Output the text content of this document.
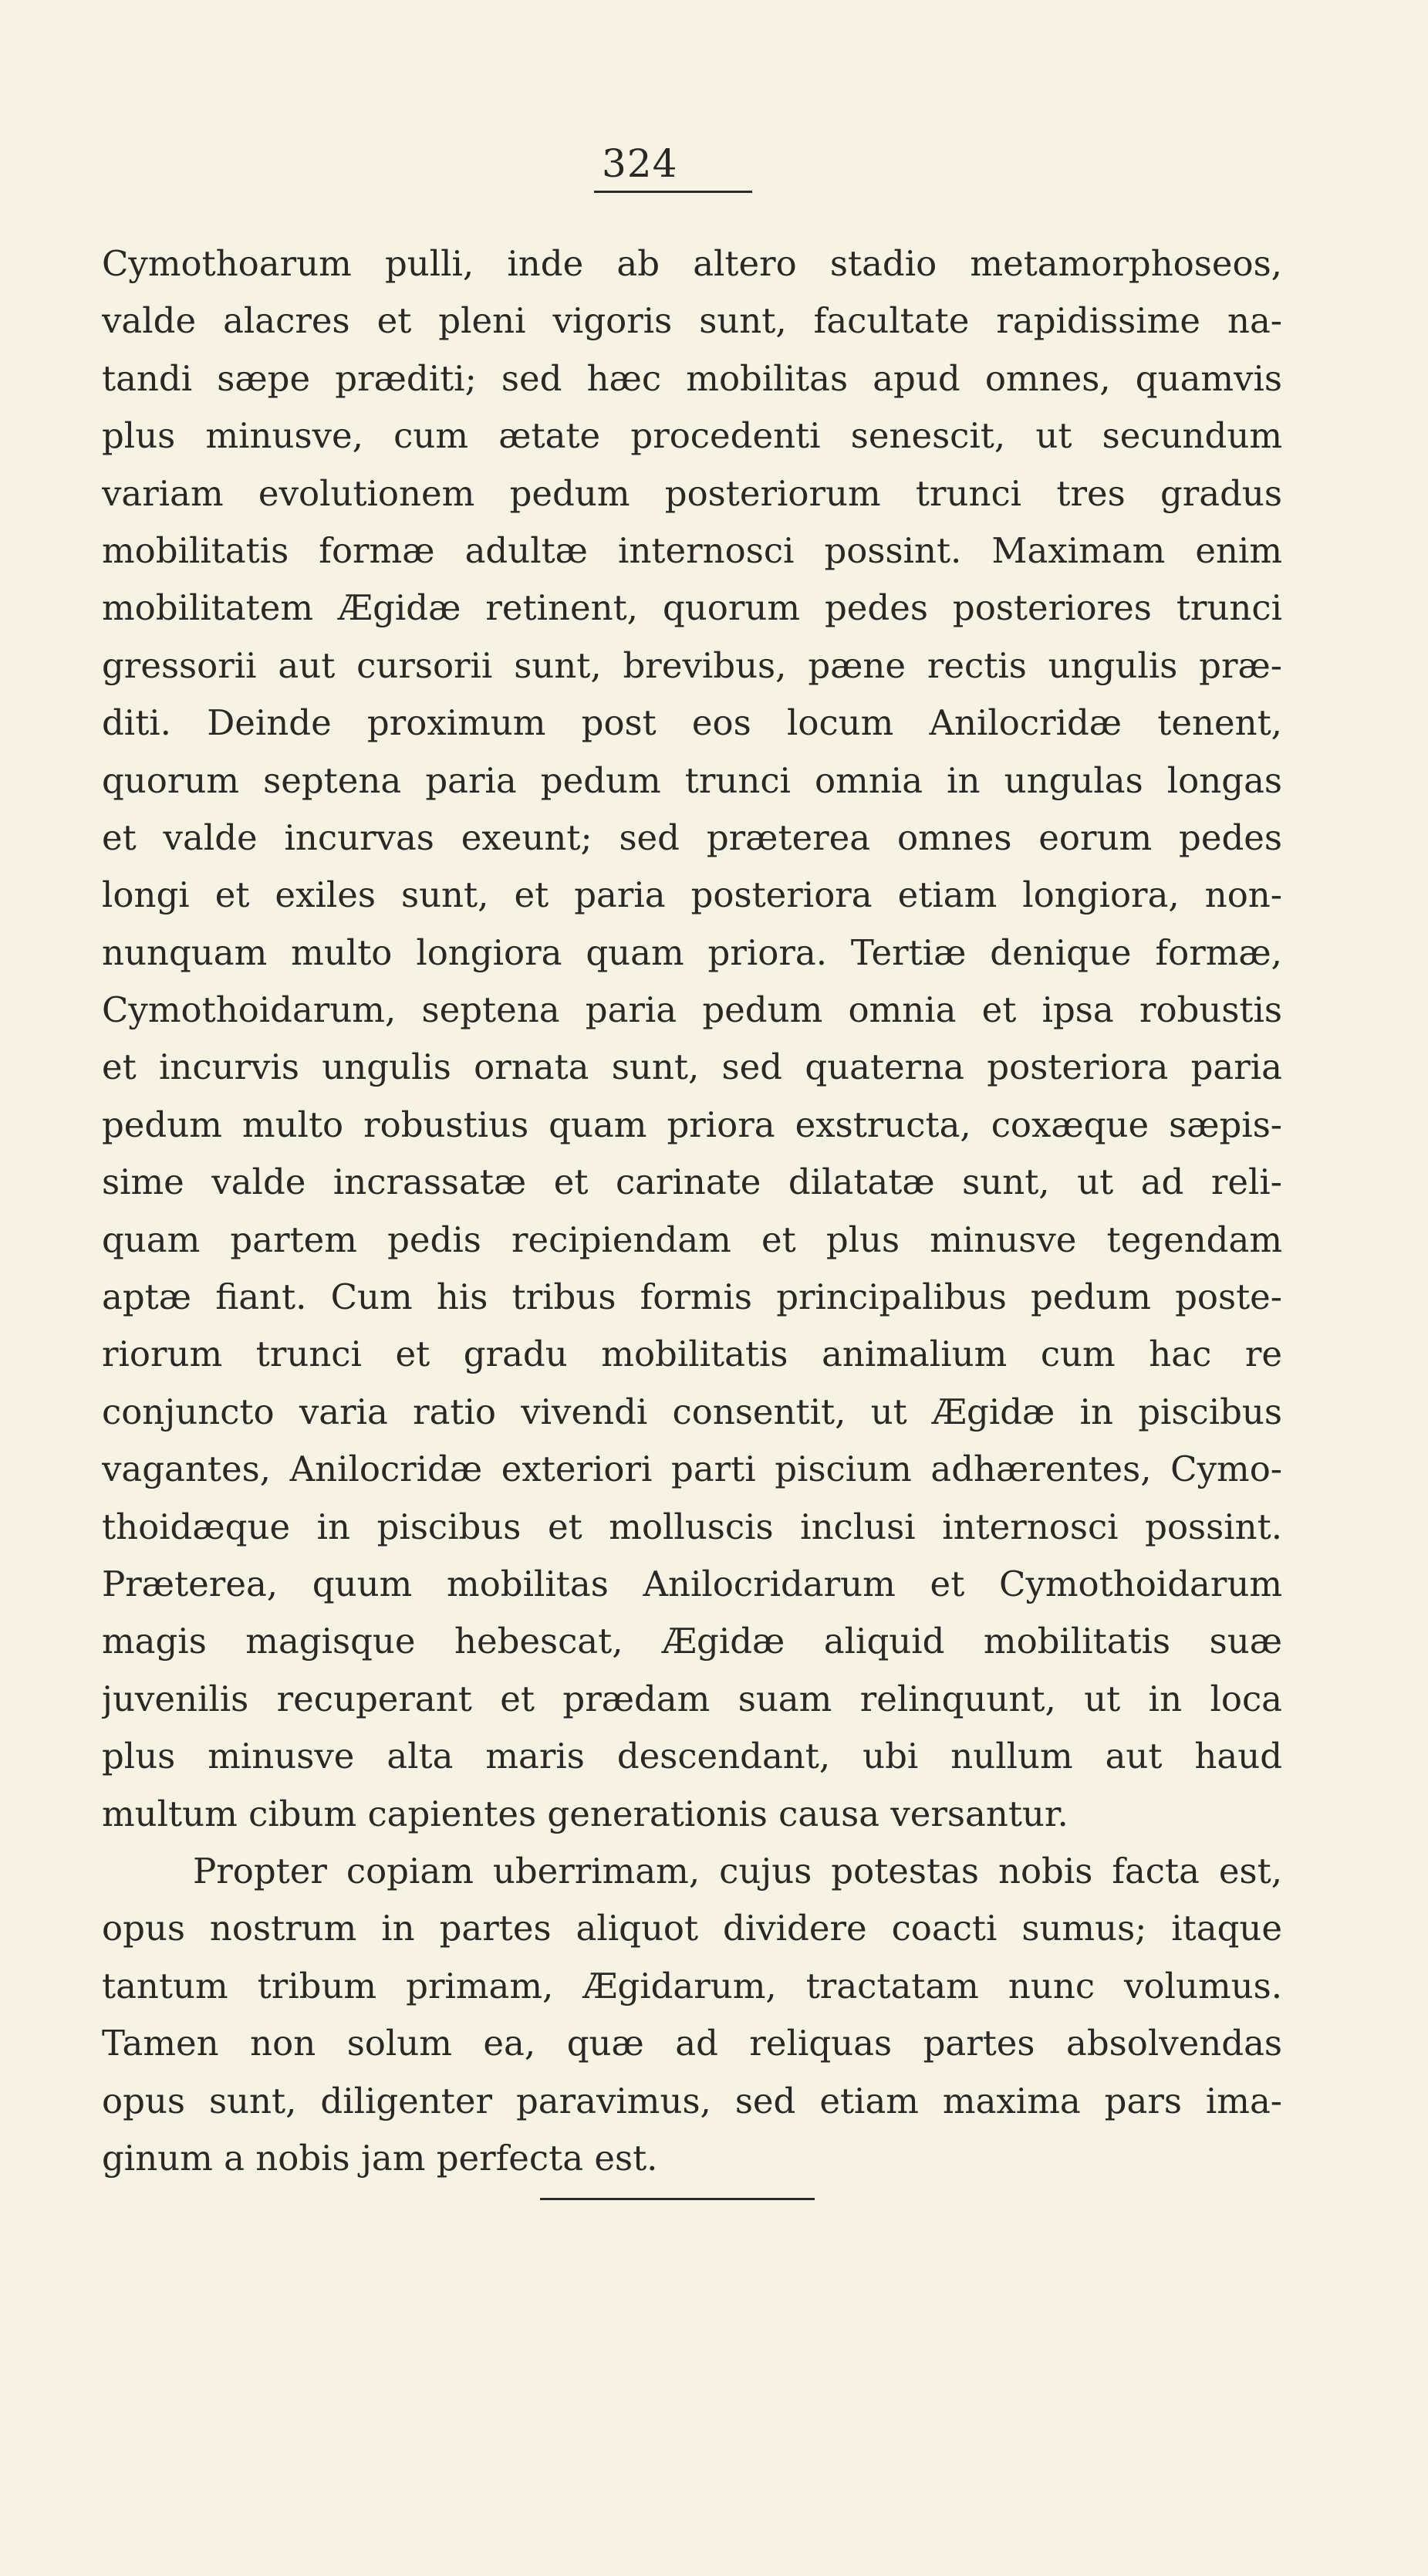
324
Cymothoarum pulli, inde ab altero stadio metamorphoseos,
valde alacres et pleni vigoris sunt, facultate rapidissime na-
tandi sæpe præditi; sed hæc mobilitas apud omnes, quamvis
plus minusve, cum ætate procedenti senescit, ut secundum
variam evolutionem pedum posteriorum trunci tres gradus
mobilitatis formæ adultæ internosci possint. Maximam enim
mobilitatem Ægidæ retinent, quorum pedes posteriores trunci
gressorii aut cursorii sunt, brevibus, pæne rectis ungulis præ-
diti. Deinde proximum post eos locum Anilocridæ tenent,
quorum septena paria pedum trunci omnia in ungulas longas
et valde incurvas exeunt; sed præterea omnes eorum pedes
longi et exiles sunt, et paria posteriora etiam longiora, non-
nunquam multo longiora quam priora. Tertiæ denique formæ,
Cymothoidarum, septena paria pedum omnia et ipsa robustis
et incurvis ungulis ornata sunt, sed quaterna posteriora paria
pedum multo robustius quam priora exstructa, coxæque sæpis-
sime valde incrassatæ et carinate dilatatæ sunt, ut ad reli-
quam partem pedis recipiendam et plus minusve tegendam
aptæ fiant. Cum his tribus formis principalibus pedum poste-
riorum trunci et gradu mobilitatis animalium cum hac re
conjuncto varia ratio vivendi consentit, ut Ægidæ in piscibus
vagantes, Anilocridæ exteriori parti piscium adhærentes, Cymo-
thoidæque in piscibus et molluscis inclusi internosci possint.
Præterea, quum mobilitas Anilocridarum et Cymothoidarum
magis magisque hebescat, Ægidæ aliquid mobilitatis suæ
juvenilis recuperant et prædam suam relinquunt, ut in loca
plus minusve alta maris descendant, ubi nullum aut haud
multum cibum capientes generationis causa versantur.
Propter copiam uberrimam, cujus potestas nobis facta est,
opus nostrum in partes aliquot dividere coacti sumus; itaque
tantum tribum primam, Ægidarum, tractatam nunc volumus.
Tamen non solum ea, quæ ad reliquas partes absolvendas
opus sunt, diligenter paravimus, sed etiam maxima pars ima-
ginum a nobis jam perfecta est.
